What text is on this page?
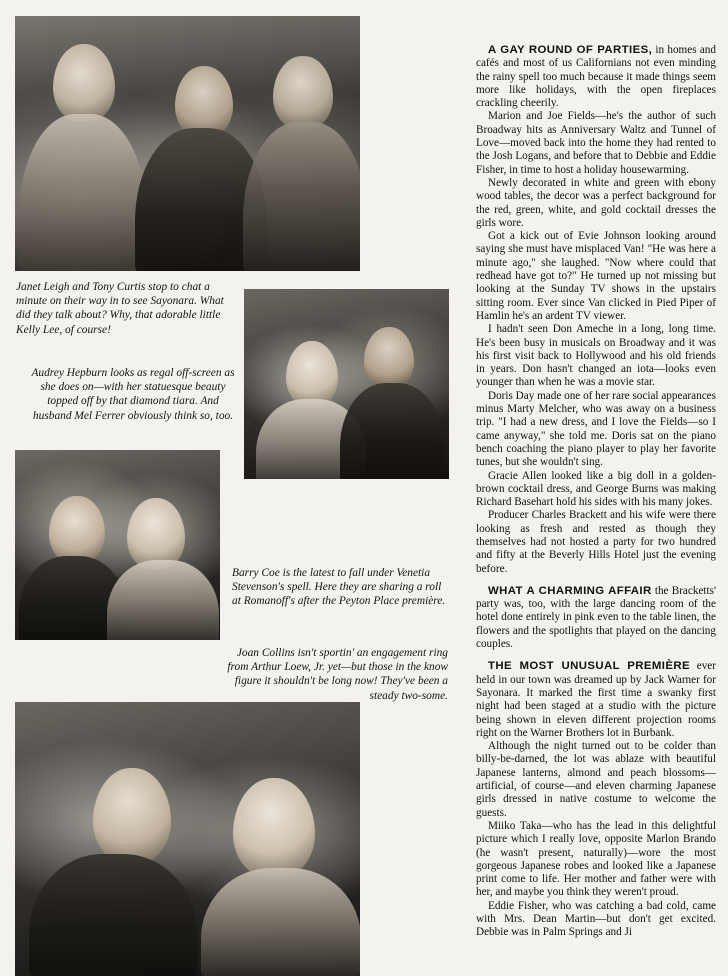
Janet Leigh and Tony Curtis stop to chat a minute on their way in to see Sayonara. What did they talk about? Why, that adorable little Kelly Lee, of course!
Audrey Hepburn looks as regal off-screen as she does on—with her statuesque beauty topped off by that diamond tiara. And husband Mel Ferrer obviously think so, too.
Barry Coe is the latest to fall under Venetia Stevenson's spell. Here they are sharing a roll at Romanoff's after the Peyton Place première.
Joan Collins isn't sportin' an engagement ring from Arthur Loew, Jr. yet—but those in the know figure it shouldn't be long now! They've been a steady two-some.

A GAY ROUND OF PARTIES, in homes and cafés and most of us Californians not even minding the rainy spell too much because it made things seem more like holidays, with the open fireplaces crackling cheerily.

Marion and Joe Fields—he's the author of such Broadway hits as Anniversary Waltz and Tunnel of Love—moved back into the home they had rented to the Josh Logans, and before that to Debbie and Eddie Fisher, in time to host a holiday housewarming.

Newly decorated in white and green with ebony wood tables, the decor was a perfect background for the red, green, white, and gold cocktail dresses the girls wore.

Got a kick out of Evie Johnson looking around saying she must have misplaced Van! "He was here a minute ago," she laughed. "Now where could that redhead have got to?" He turned up not missing but looking at the Sunday TV shows in the upstairs sitting room. Ever since Van clicked in Pied Piper of Hamlin he's an ardent TV viewer.

I hadn't seen Don Ameche in a long, long time. He's been busy in musicals on Broadway and it was his first visit back to Hollywood and his old friends in years. Don hasn't changed an iota—looks even younger than when he was a movie star.

Doris Day made one of her rare social appearances minus Marty Melcher, who was away on a business trip. "I had a new dress, and I love the Fields—so I came anyway," she told me. Doris sat on the piano bench coaching the piano player to play her favorite tunes, but she wouldn't sing.

Gracie Allen looked like a big doll in a golden-brown cocktail dress, and George Burns was making Richard Basehart hold his sides with his many jokes.

Producer Charles Brackett and his wife were there looking as fresh and rested as though they themselves had not hosted a party for two hundred and fifty at the Beverly Hills Hotel just the evening before.

WHAT A CHARMING AFFAIR the Bracketts' party was, too, with the large dancing room of the hotel done entirely in pink even to the table linen, the flowers and the spotlights that played on the dancing couples.

THE MOST UNUSUAL PREMIÈRE ever held in our town was dreamed up by Jack Warner for Sayonara. It marked the first time a swanky first night had been staged at a studio with the picture being shown in eleven different projection rooms right on the Warner Brothers lot in Burbank.

Although the night turned out to be colder than billy-be-darned, the lot was ablaze with beautiful Japanese lanterns, almond and peach blossoms—artificial, of course—and eleven charming Japanese girls dressed in native costume to welcome the guests.

Miiko Taka—who has the lead in this delightful picture which I really love, opposite Marlon Brando (he wasn't present, naturally)—wore the most gorgeous Japanese robes and looked like a Japanese print come to life. Her mother and father were with her, and maybe you think they weren't proud.

Eddie Fisher, who was catching a bad cold, came with Mrs. Dean Martin—but don't get excited. Debbie was in Palm Springs and Ji
